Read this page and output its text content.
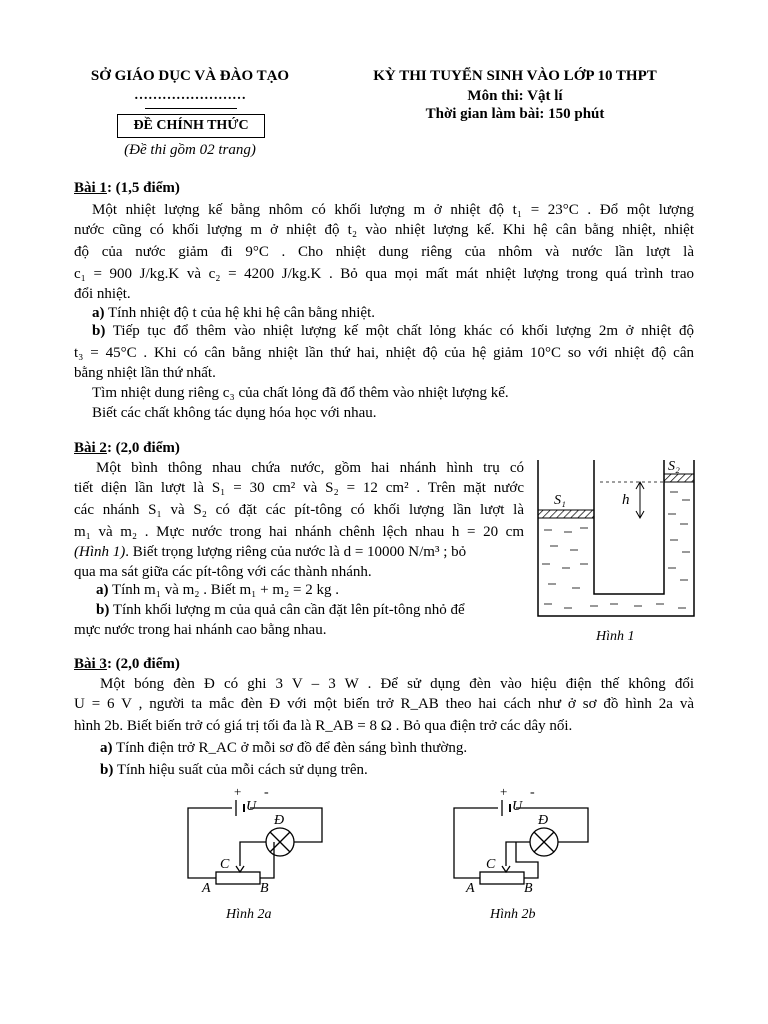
SỞ GIÁO DỤC VÀ ĐÀO TẠO
……………………
ĐỀ CHÍNH THỨC
(Đề thi gồm 02 trang)
KỲ THI TUYỂN SINH VÀO LỚP 10 THPT
Môn thi: Vật lí
Thời gian làm bài: 150 phút
Bài 1: (1,5 điểm)
Một nhiệt lượng kế bằng nhôm có khối lượng m ở nhiệt độ t₁ = 23°C . Đổ một lượng
nước cũng có khối lượng m ở nhiệt độ t₂ vào nhiệt lượng kế. Khi hệ cân bằng nhiệt, nhiệt
độ của nước giảm đi 9°C . Cho nhiệt dung riêng của nhôm và nước lần lượt là
c₁ = 900 J/kg.K và c₂ = 4200 J/kg.K . Bỏ qua mọi mất mát nhiệt lượng trong quá trình trao
đổi nhiệt.
a) Tính nhiệt độ t của hệ khi hệ cân bằng nhiệt.
b) Tiếp tục đổ thêm vào nhiệt lượng kế một chất lỏng khác có khối lượng 2m ở nhiệt độ
t₃ = 45°C . Khi có cân bằng nhiệt lần thứ hai, nhiệt độ của hệ giảm 10°C so với nhiệt độ cân
bằng nhiệt lần thứ nhất.
Tìm nhiệt dung riêng c₃ của chất lỏng đã đổ thêm vào nhiệt lượng kế.
Biết các chất không tác dụng hóa học với nhau.
Bài 2: (2,0 điểm)
Một bình thông nhau chứa nước, gồm hai nhánh hình trụ có
tiết diện lần lượt là S₁ = 30 cm² và S₂ = 12 cm² . Trên mặt nước
các nhánh S₁ và S₂ có đặt các pít-tông có khối lượng lần lượt là
m₁ và m₂ . Mực nước trong hai nhánh chênh lệch nhau h = 20 cm
(Hình 1). Biết trọng lượng riêng của nước là d = 10000 N/m³ ; bỏ
qua ma sát giữa các pít-tông với các thành nhánh.
a) Tính m₁ và m₂ . Biết m₁ + m₂ = 2 kg .
b) Tính khối lượng m của quả cân cần đặt lên pít-tông nhỏ để
mực nước trong hai nhánh cao bằng nhau.
S₁
S₂
h
Hình 1
Bài 3: (2,0 điểm)
Một bóng đèn Đ có ghi 3 V – 3 W . Để sử dụng đèn vào hiệu điện thế không đổi
U = 6 V , người ta mắc đèn Đ với một biến trở R_AB theo hai cách như ở sơ đồ hình 2a và
hình 2b. Biết biến trở có giá trị tối đa là R_AB = 8 Ω . Bỏ qua điện trở các dây nối.
a) Tính điện trở R_AC ở mỗi sơ đồ để đèn sáng bình thường.
b) Tính hiệu suất của mỗi cách sử dụng trên.
+ -
U
Đ
C
A	B
Hình 2a
+ -
U
Đ
C
A	B
Hình 2b
